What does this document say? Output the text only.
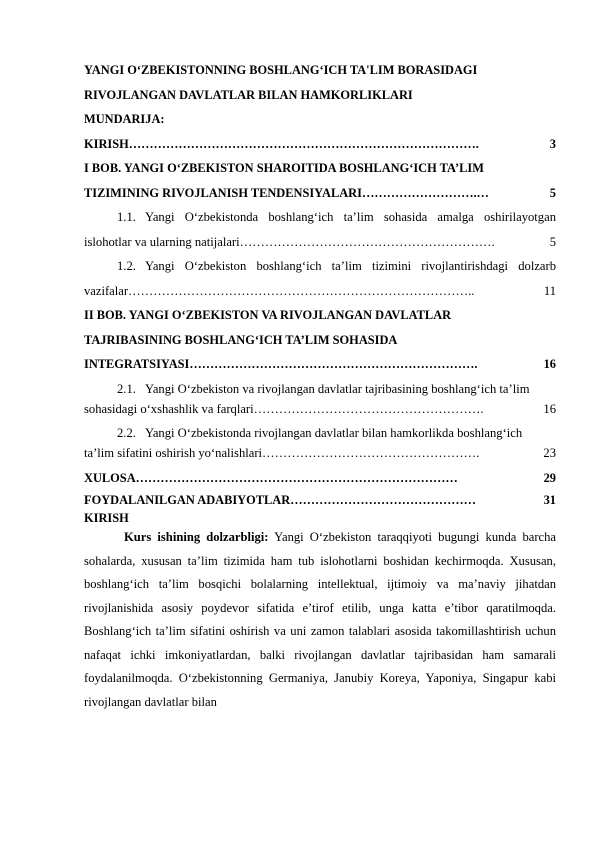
YANGI O‘ZBEKISTONNING BOSHLANG‘ICH TA'LIM BORASIDAGI
RIVOJLANGAN DAVLATLAR BILAN HAMKORLIKLARI
MUNDARIJA:
KIRISH ………………………………………………………………………….	3
I BOB. YANGI O‘ZBEKISTON SHAROITIDA BOSHLANG‘ICH TA’LIM
TIZIMINING RIVOJLANISH TENDENSIYALARI ……………………….…	5
1.1. Yangi O‘zbekistonda boshlang‘ich ta’lim sohasida amalga oshirilayotgan
islohotlar va ularning natijalari …………………………………………………….	5
1.2. Yangi O‘zbekiston boshlang‘ich ta’lim tizimini rivojlantirishdagi dolzarb
vazifalar ………………………………………………………………………..	11
II BOB. YANGI O‘ZBEKISTON VA RIVOJLANGAN DAVLATLAR
TAJRIBASINING BOSHLANG‘ICH TA’LIM SOHASIDA
INTEGRATSIYASI …………………………………………………………….	16
2.1. Yangi O‘zbekiston va rivojlangan davlatlar tajribasining boshlang‘ich ta’lim
sohasidagi o‘xshashlik va farqlari ……………………………………………….	16
2.2. Yangi O‘zbekistonda rivojlangan davlatlar bilan hamkorlikda boshlang‘ich
ta’lim sifatini oshirish yo‘nalishlari …………………………………………….	23
XULOSA ……………………………………………………………………	29
FOYDALANILGAN ADABIYOTLAR ………………………………………	31
KIRISH

Kurs ishining dolzarbligi: Yangi O‘zbekiston taraqqiyoti bugungi kunda barcha sohalarda, xususan ta’lim tizimida ham tub islohotlarni boshidan kechirmoqda. Xususan, boshlang‘ich ta’lim bosqichi bolalarning intellektual, ijtimoiy va ma’naviy jihatdan rivojlanishida asosiy poydevor sifatida e’tirof etilib, unga katta e’tibor qaratilmoqda. Boshlang‘ich ta’lim sifatini oshirish va uni zamon talablari asosida takomillashtirish uchun nafaqat ichki imkoniyatlardan, balki rivojlangan davlatlar tajribasidan ham samarali foydalanilmoqda. O‘zbekistonning Germaniya, Janubiy Koreya, Yaponiya, Singapur kabi rivojlangan davlatlar bilan
